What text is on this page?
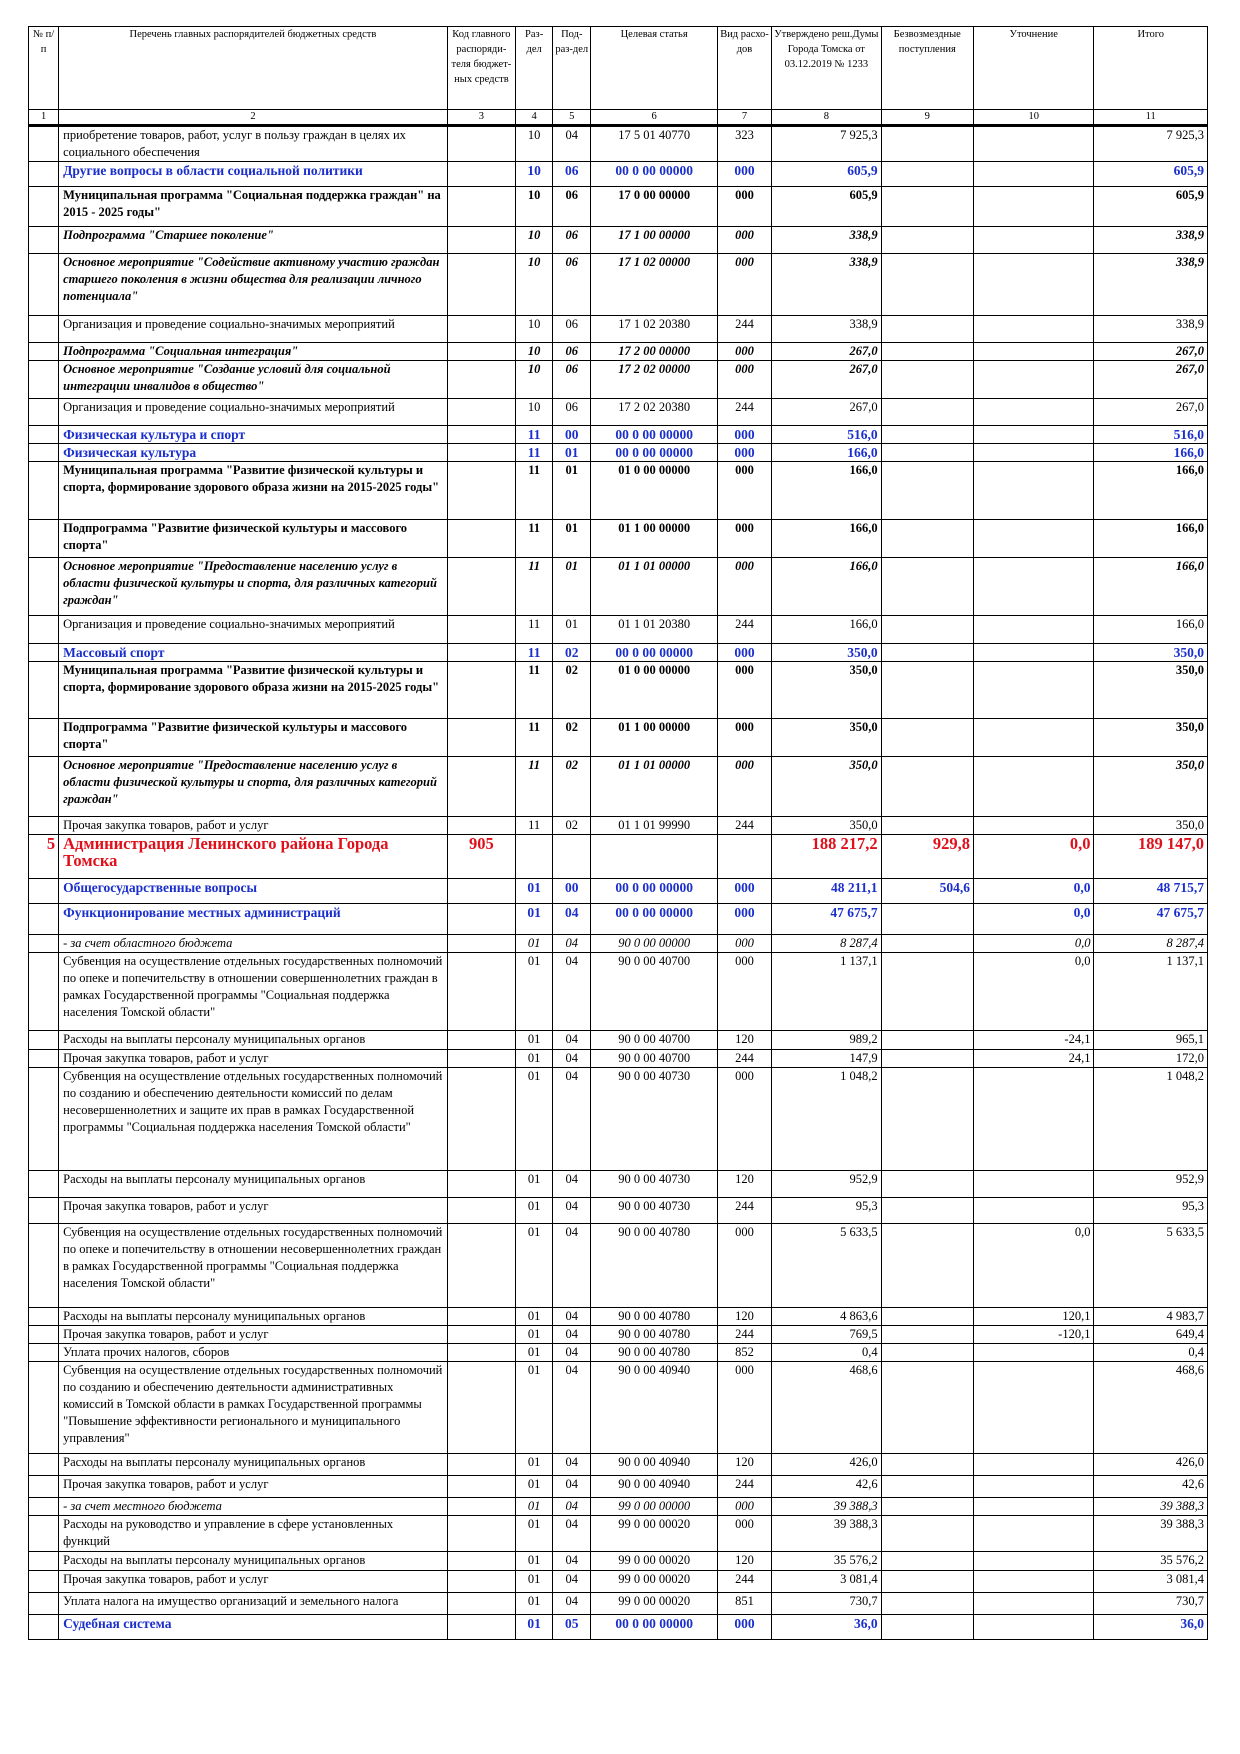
№ п/п	Перечень главных распорядителей бюджетных средств	Код главного распоряди-теля бюджет-ных средств	Раз-дел	Под-раз-дел	Целевая статья	Вид расхо-дов	Утверждено реш.Думы Города Томска от 03.12.2019 № 1233	Безвозмездные поступления	Уточнение	Итого
1	2	3	4	5	6	7	8	9	10	11
	приобретение товаров, работ, услуг в пользу граждан в целях их социального обеспечения		10	04	17 5 01 40770	323	7 925,3			7 925,3
	Другие вопросы в области социальной политики		10	06	00 0 00 00000	000	605,9			605,9
	Муниципальная программа "Социальная поддержка граждан" на 2015 - 2025 годы"		10	06	17 0 00 00000	000	605,9			605,9
	Подпрограмма "Старшее поколение"		10	06	17 1 00 00000	000	338,9			338,9
	Основное мероприятие "Содействие активному участию граждан старшего поколения в жизни общества для реализации личного потенциала"		10	06	17 1 02 00000	000	338,9			338,9
	Организация и проведение социально-значимых мероприятий		10	06	17 1 02 20380	244	338,9			338,9
	Подпрограмма "Социальная интеграция"		10	06	17 2 00 00000	000	267,0			267,0
	Основное мероприятие "Создание условий для социальной интеграции инвалидов в общество"		10	06	17 2 02 00000	000	267,0			267,0
	Организация и проведение социально-значимых мероприятий		10	06	17 2 02 20380	244	267,0			267,0
	Физическая культура и спорт		11	00	00 0 00 00000	000	516,0			516,0
	Физическая культура		11	01	00 0 00 00000	000	166,0			166,0
	Муниципальная программа "Развитие физической культуры и спорта, формирование здорового образа жизни на 2015-2025 годы"		11	01	01 0 00 00000	000	166,0			166,0
	Подпрограмма "Развитие физичеcкой культуры и массового спорта"		11	01	01 1 00 00000	000	166,0			166,0
	Основное мероприятие "Предоставление населению услуг в области физической культуры и спорта, для различных категорий граждан"		11	01	01 1 01 00000	000	166,0			166,0
	Организация и проведение социально-значимых мероприятий		11	01	01 1 01 20380	244	166,0			166,0
	Массовый спорт		11	02	00 0 00 00000	000	350,0			350,0
	Муниципальная программа "Развитие физической культуры и спорта, формирование здорового образа жизни на 2015-2025 годы"		11	02	01 0 00 00000	000	350,0			350,0
	Подпрограмма "Развитие физичеcкой культуры и массового спорта"		11	02	01 1 00 00000	000	350,0			350,0
	Основное мероприятие "Предоставление населению услуг в области физической культуры и спорта, для различных категорий граждан"		11	02	01 1 01 00000	000	350,0			350,0
	Прочая закупка товаров, работ и услуг		11	02	01 1 01 99990	244	350,0			350,0
5	Администрация Ленинского района Города Томска	905					188 217,2	929,8	0,0	189 147,0
	Общегосударственные вопросы		01	00	00 0 00 00000	000	48 211,1	504,6	0,0	48 715,7
	Функционирование местных администраций		01	04	00 0 00 00000	000	47 675,7		0,0	47 675,7
	- за счет областного бюджета		01	04	90 0 00 00000	000	8 287,4		0,0	8 287,4
	Субвенция на осуществление отдельных государственных полномочий по опеке и попечительству в отношении совершеннолетних граждан в рамках Государственной программы "Социальная поддержка населения Томской области"		01	04	90 0 00 40700	000	1 137,1		0,0	1 137,1
	Расходы на выплаты персоналу муниципальных органов		01	04	90 0 00 40700	120	989,2		-24,1	965,1
	Прочая закупка товаров, работ и услуг		01	04	90 0 00 40700	244	147,9		24,1	172,0
	Субвенция на осуществление отдельных государственных полномочий по созданию и обеспечению деятельности комиссий по делам несовершеннолетних и защите их прав в рамках Государственной программы "Социальная поддержка населения Томской области"		01	04	90 0 00 40730	000	1 048,2			1 048,2
	Расходы на выплаты персоналу муниципальных органов		01	04	90 0 00 40730	120	952,9			952,9
	Прочая закупка товаров, работ и услуг		01	04	90 0 00 40730	244	95,3			95,3
	Субвенция на осуществление отдельных государственных полномочий по опеке и попечительству в отношении несовершеннолетних граждан в рамках Государственной программы "Социальная поддержка населения Томской области"		01	04	90 0 00 40780	000	5 633,5		0,0	5 633,5
	Расходы на выплаты персоналу муниципальных органов		01	04	90 0 00 40780	120	4 863,6		120,1	4 983,7
	Прочая закупка товаров, работ и услуг		01	04	90 0 00 40780	244	769,5		-120,1	649,4
	Уплата прочих налогов, сборов		01	04	90 0 00 40780	852	0,4			0,4
	Субвенция на осуществление отдельных государственных полномочий по созданию и обеспечению деятельности административных комиссий в Томской области в рамках Государственной программы "Повышение эффективности регионального и муниципального управления"		01	04	90 0 00 40940	000	468,6			468,6
	Расходы на выплаты персоналу муниципальных органов		01	04	90 0 00 40940	120	426,0			426,0
	Прочая закупка товаров, работ и услуг		01	04	90 0 00 40940	244	42,6			42,6
	- за счет местного бюджета		01	04	99 0 00 00000	000	39 388,3			39 388,3
	Расходы на руководство и управление в сфере установленных функций		01	04	99 0 00 00020	000	39 388,3			39 388,3
	Расходы на выплаты персоналу муниципальных органов		01	04	99 0 00 00020	120	35 576,2			35 576,2
	Прочая закупка товаров, работ и услуг		01	04	99 0 00 00020	244	3 081,4			3 081,4
	Уплата налога на имущество организаций и земельного налога		01	04	99 0 00 00020	851	730,7			730,7
	Судебная система		01	05	00 0 00 00000	000	36,0			36,0
